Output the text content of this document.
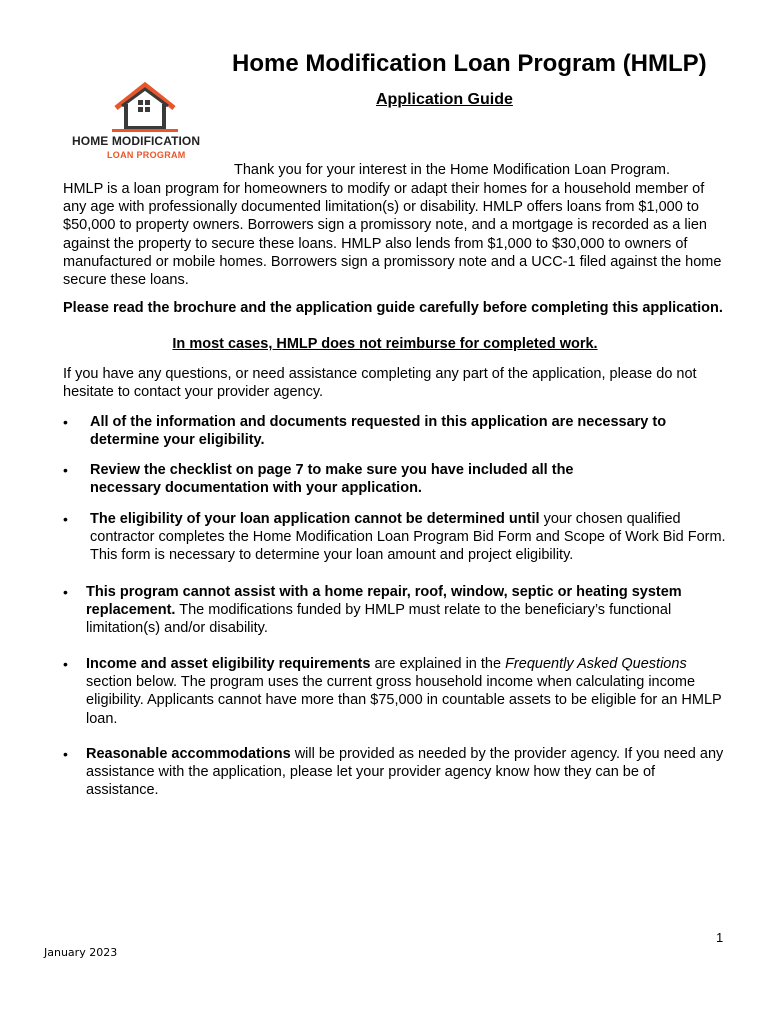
Home Modification Loan Program (HMLP)
Application Guide
HOME MODIFICATION
LOAN PROGRAM
Thank you for your interest in the Home Modification Loan Program.
HMLP is a loan program for homeowners to modify or adapt their homes for a household member of any age with professionally documented limitation(s) or disability. HMLP offers loans from $1,000 to $50,000 to property owners. Borrowers sign a promissory note, and a mortgage is recorded as a lien against the property to secure these loans. HMLP also lends from $1,000 to $30,000 to owners of manufactured or mobile homes. Borrowers sign a promissory note and a UCC-1 filed against the home secure these loans.
Please read the brochure and the application guide carefully before completing this application.
In most cases, HMLP does not reimburse for completed work.
If you have any questions, or need assistance completing any part of the application, please do not hesitate to contact your provider agency.
• All of the information and documents requested in this application are necessary to determine your eligibility.
• Review the checklist on page 7 to make sure you have included all the necessary documentation with your application.
• The eligibility of your loan application cannot be determined until your chosen qualified contractor completes the Home Modification Loan Program Bid Form and Scope of Work Bid Form. This form is necessary to determine your loan amount and project eligibility.
• This program cannot assist with a home repair, roof, window, septic or heating system replacement. The modifications funded by HMLP must relate to the beneficiary’s functional limitation(s) and/or disability.
• Income and asset eligibility requirements are explained in the Frequently Asked Questions section below. The program uses the current gross household income when calculating income eligibility. Applicants cannot have more than $75,000 in countable assets to be eligible for an HMLP loan.
• Reasonable accommodations will be provided as needed by the provider agency. If you need any assistance with the application, please let your provider agency know how they can be of assistance.
1
January 2023
